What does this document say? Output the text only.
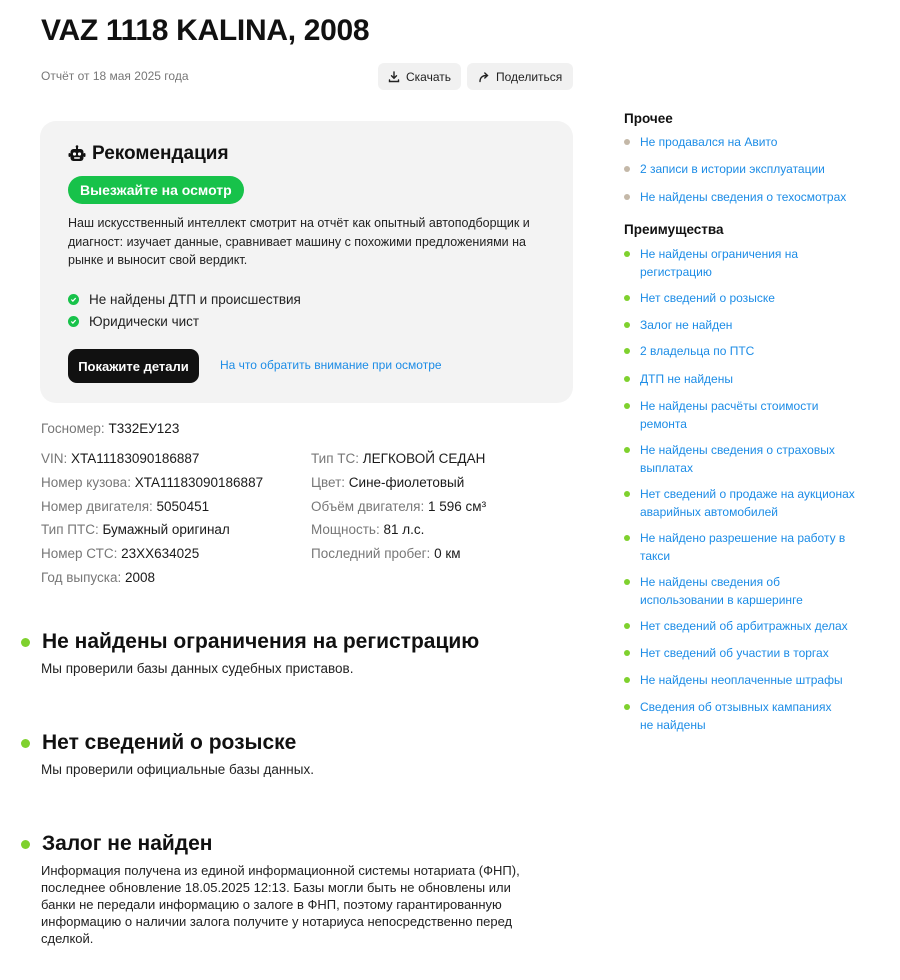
VAZ 1118 KALINA, 2008
Отчёт от 18 мая 2025 года	Скачать	Поделиться
Рекомендация
Выезжайте на осмотр
Наш искусственный интеллект смотрит на отчёт как опытный автоподборщик и диагност: изучает данные, сравнивает машину с похожими предложениями на рынке и выносит свой вердикт.
Не найдены ДТП и происшествия
Юридически чист
Покажите детали	На что обратить внимание при осмотре
Госномер: Т332ЕУ123
VIN: XTA11183090186887
Номер кузова: XTA11183090186887
Номер двигателя: 5050451
Тип ПТС: Бумажный оригинал
Номер СТС: 23XX634025
Год выпуска: 2008
Тип ТС: ЛЕГКОВОЙ СЕДАН
Цвет: Сине-фиолетовый
Объём двигателя: 1 596 см³
Мощность: 81 л.с.
Последний пробег: 0 км
Не найдены ограничения на регистрацию
Мы проверили базы данных судебных приставов.
Нет сведений о розыске
Мы проверили официальные базы данных.
Залог не найден
Информация получена из единой информационной системы нотариата (ФНП), последнее обновление 18.05.2025 12:13. Базы могли быть не обновлены или банки не передали информацию о залоге в ФНП, поэтому гарантированную информацию о наличии залога получите у нотариуса непосредственно перед сделкой.
Прочее
Не продавался на Авито
2 записи в истории эксплуатации
Не найдены сведения о техосмотрах
Преимущества
Не найдены ограничения на регистрацию
Нет сведений о розыске
Залог не найден
2 владельца по ПТС
ДТП не найдены
Не найдены расчёты стоимости ремонта
Не найдены сведения о страховых выплатах
Нет сведений о продаже на аукционах аварийных автомобилей
Не найдено разрешение на работу в такси
Не найдены сведения об использовании в каршеринге
Нет сведений об арбитражных делах
Нет сведений об участии в торгах
Не найдены неоплаченные штрафы
Сведения об отзывных кампаниях не найдены
